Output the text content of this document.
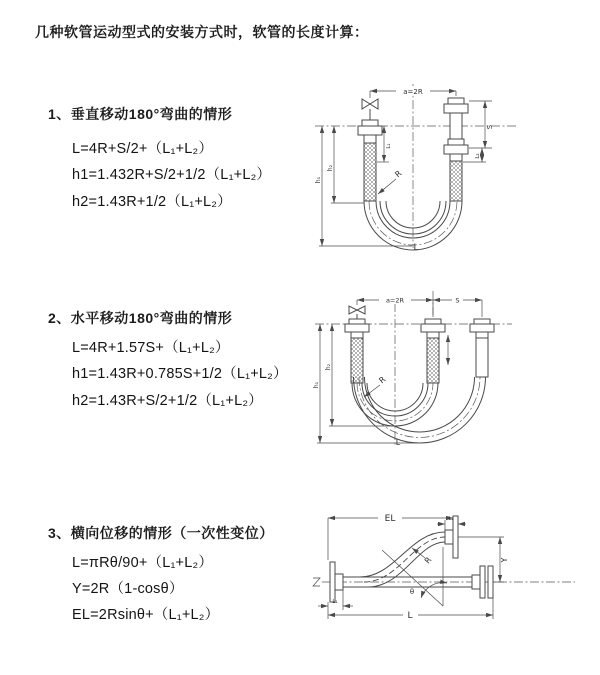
几种软管运动型式的安装方式时，软管的长度计算：
1、垂直移动180°弯曲的情形
L=4R+S/2+（L₁+L₂）
h1=1.432R+S/2+1/2（L₁+L₂）
h2=1.43R+1/2（L₁+L₂）
2、水平移动180°弯曲的情形
L=4R+1.57S+（L₁+L₂）
h1=1.43R+0.785S+1/2（L₁+L₂）
h2=1.43R+S/2+1/2（L₁+L₂）
3、横向位移的情形（一次性变位）
L=πRθ/90+（L₁+L₂）
Y=2R（1-cosθ）
EL=2Rsinθ+（L₁+L₂）
a=2R
h₁
h₂
L₁
S
L₂
R
L
a=2R	S
h₁
h₂
R
L
EL	L₂
Y
θ
R
L₁
L
